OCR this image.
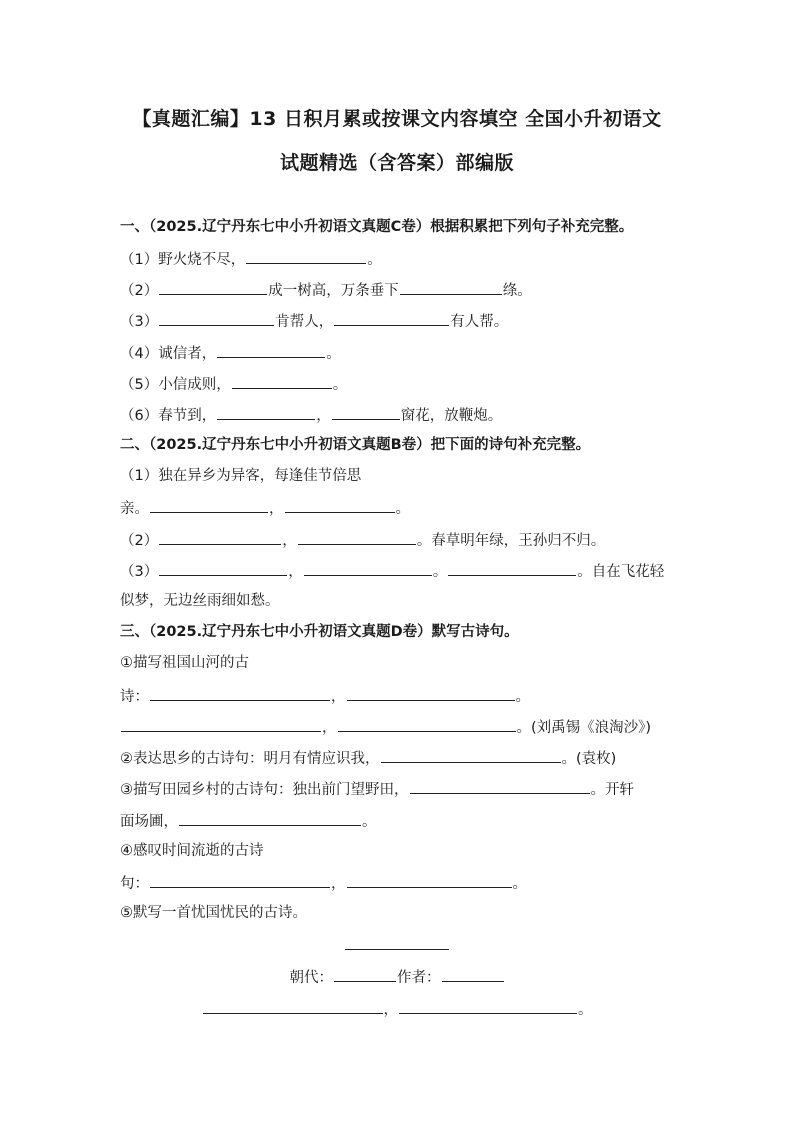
【真题汇编】13 日积月累或按课文内容填空 全国小升初语文
试题精选（含答案）部编版
一、（2025.辽宁丹东七中小升初语文真题C卷）根据积累把下列句子补充完整。
（1）野火烧不尽，	。
（2）	成一树高，万条垂下	绦。
（3）	肯帮人，	有人帮。
（4）诚信者，	。
（5）小信成则，	。
（6）春节到，	，	窗花，放鞭炮。
二、（2025.辽宁丹东七中小升初语文真题B卷）把下面的诗句补充完整。
（1）独在异乡为异客，每逢佳节倍思
亲。	，	。
（2）	，	。春草明年绿，王孙归不归。
（3）	，	。	。自在飞花轻
似梦，无边丝雨细如愁。
三、（2025.辽宁丹东七中小升初语文真题D卷）默写古诗句。
①描写祖国山河的古
诗：	，	。
，	。(刘禹锡《浪淘沙》)
②表达思乡的古诗句：明月有情应识我，	。(袁枚)
③描写田园乡村的古诗句：独出前门望野田，	。开轩
面场圃，	。
④感叹时间流逝的古诗
句：	，	。
⑤默写一首忧国忧民的古诗。
朝代：	作者：
，	。
